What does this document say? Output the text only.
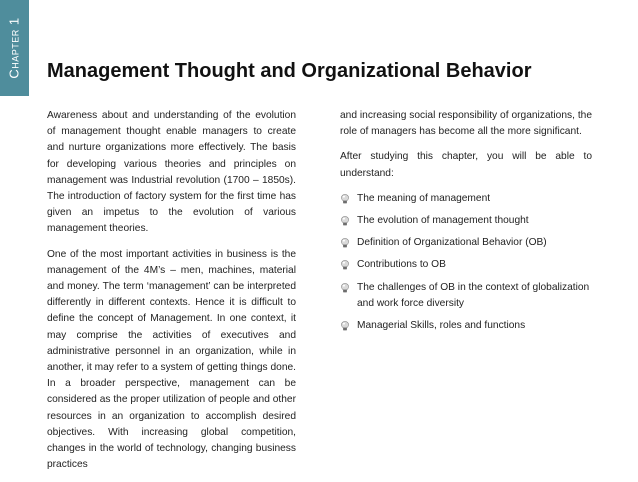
Chapter 1 Management Thought and Organizational Behavior

Awareness about and understanding of the evolution of management thought enable managers to create and nurture organizations more effectively. The basis for developing various theories and principles on management was Industrial revolution (1700 – 1850s). The introduction of factory system for the first time has given an impetus to the evolution of various management theories.

One of the most important activities in business is the management of the 4M’s – men, machines, material and money. The term ‘management’ can be interpreted differently in different contexts. Hence it is difficult to define the concept of Management. In one context, it may comprise the activities of executives and administrative personnel in an organization, while in another, it may refer to a system of getting things done. In a broader perspective, management can be considered as the proper utilization of people and other resources in an organization to accomplish desired objectives. With increasing global competition, changes in the world of technology, changing business practices

and increasing social responsibility of organizations, the role of managers has become all the more significant.

After studying this chapter, you will be able to understand:

The meaning of management
The evolution of management thought
Definition of Organizational Behavior (OB)
Contributions to OB
The challenges of OB in the context of globalization and work force diversity
Managerial Skills, roles and functions
